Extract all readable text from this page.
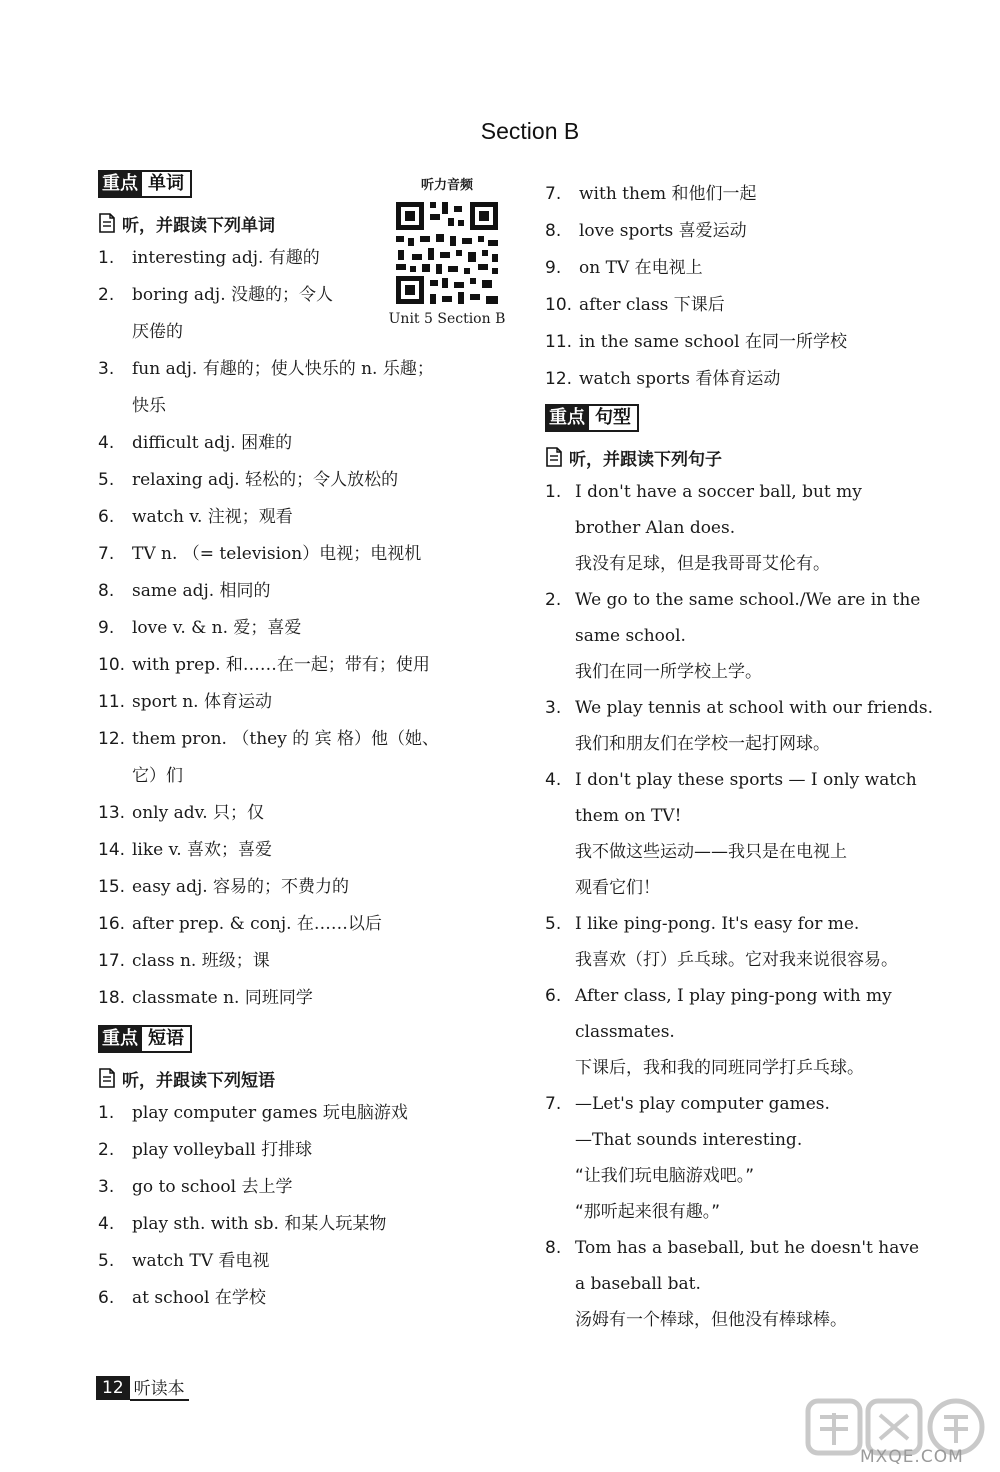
Section B
听力音频
Unit 5 Section B
重点 单词
听，并跟读下列单词
1.	interesting adj. 有趣的
2.	boring adj. 没趣的；令人
厌倦的
3.	fun adj. 有趣的；使人快乐的 n. 乐趣；
快乐
4.	difficult adj. 困难的
5.	relaxing adj. 轻松的；令人放松的
6.	watch v. 注视；观看
7.	TV n. （= television）电视；电视机
8.	same adj. 相同的
9.	love v. & n. 爱；喜爱
10. with prep. 和……在一起；带有；使用
11. sport n. 体育运动
12. them pron. （they 的 宾 格）他（她、
它）们
13. only adv. 只；仅
14. like v. 喜欢；喜爱
15. easy adj. 容易的；不费力的
16. after prep. & conj. 在……以后
17. class n. 班级；课
18. classmate n. 同班同学
重点 短语
听，并跟读下列短语
1.	play computer games 玩电脑游戏
2.	play volleyball 打排球
3.	go to school 去上学
4.	play sth. with sb. 和某人玩某物
5.	watch TV 看电视
6.	at school 在学校
7.	with them 和他们一起
8.	love sports 喜爱运动
9.	on TV 在电视上
10. after class 下课后
11. in the same school 在同一所学校
12. watch sports 看体育运动
重点 句型
听，并跟读下列句子
1. I don't have a soccer ball, but my
brother Alan does.
我没有足球，但是我哥哥艾伦有。
2. We go to the same school./We are in the
same school.
我们在同一所学校上学。
3. We play tennis at school with our friends.
我们和朋友们在学校一起打网球。
4. I don't play these sports — I only watch
them on TV!
我不做这些运动——我只是在电视上
观看它们！
5. I like ping-pong. It's easy for me.
我喜欢（打）乒乓球。它对我来说很容易。
6. After class, I play ping-pong with my
classmates.
下课后，我和我的同班同学打乒乓球。
7. —Let's play computer games.
—That sounds interesting.
“让我们玩电脑游戏吧。”
“那听起来很有趣。”
8. Tom has a baseball, but he doesn't have
a baseball bat.
汤姆有一个棒球，但他没有棒球棒。
12 听读本
MXQE.COM
